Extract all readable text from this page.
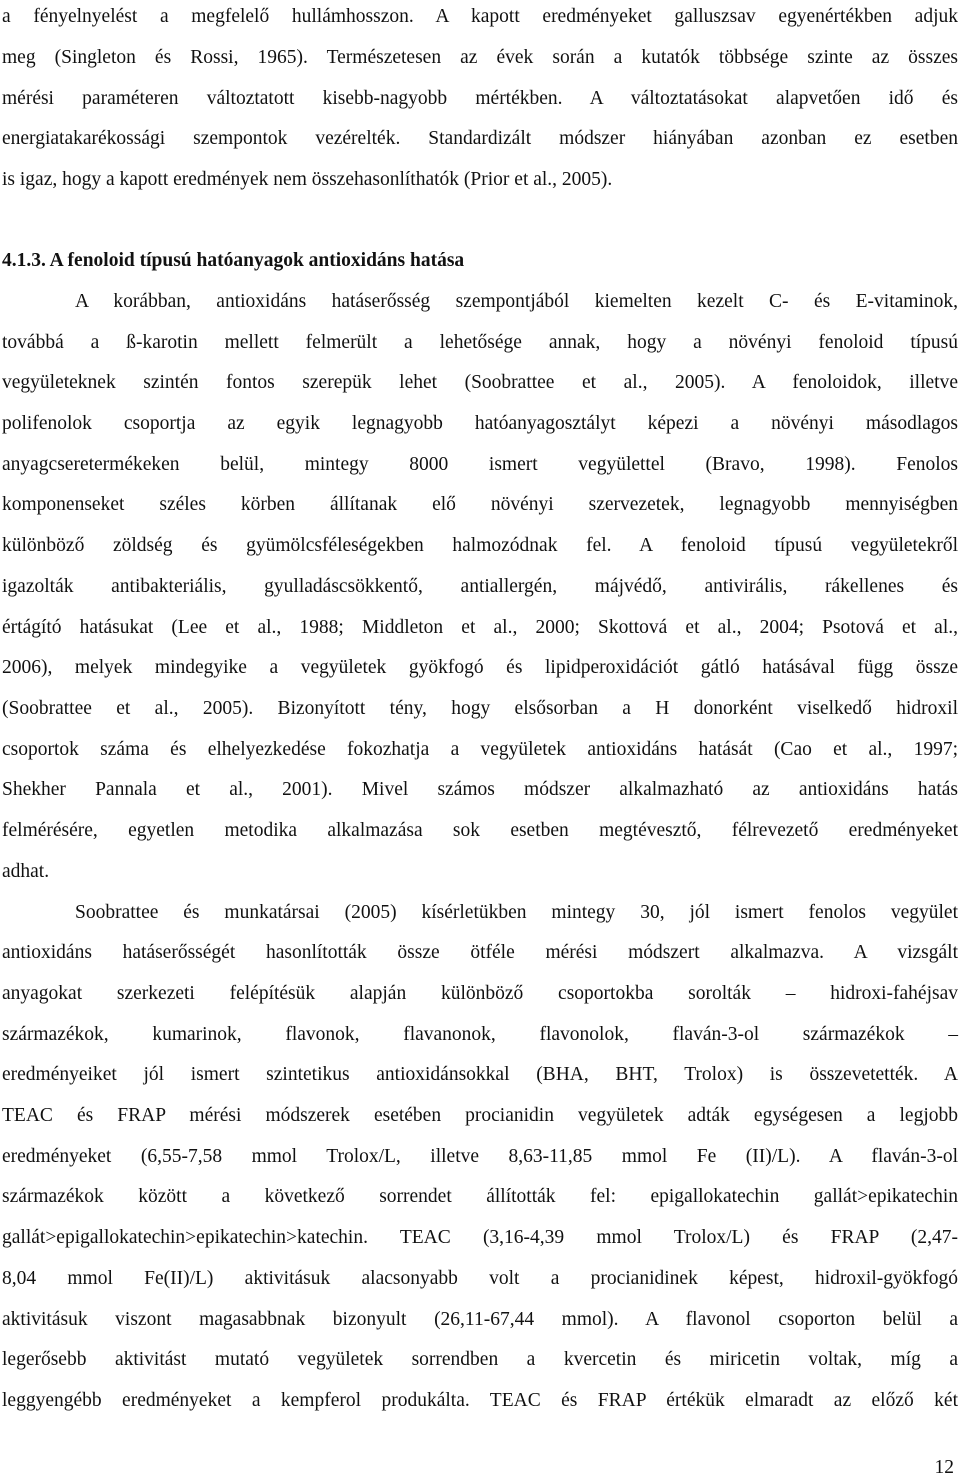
a fényelnyelést a megfelelő hullámhosszon. A kapott eredményeket galluszsav egyenértékben adjuk
meg (Singleton és Rossi, 1965). Természetesen az évek során a kutatók többsége szinte az összes
mérési paraméteren változtatott kisebb-nagyobb mértékben. A változtatásokat alapvetően idő és
energiatakarékossági szempontok vezérelték. Standardizált módszer hiányában azonban ez esetben
is igaz, hogy a kapott eredmények nem összehasonlíthatók (Prior et al., 2005).
4.1.3. A fenoloid típusú hatóanyagok antioxidáns hatása
A korábban, antioxidáns hatáserősség szempontjából kiemelten kezelt C- és E-vitaminok,
továbbá a ß-karotin mellett felmerült a lehetősége annak, hogy a növényi fenoloid típusú
vegyületeknek szintén fontos szerepük lehet (Soobrattee et al., 2005). A fenoloidok, illetve
polifenolok csoportja az egyik legnagyobb hatóanyagosztályt képezi a növényi másodlagos
anyagcseretermékeken belül, mintegy 8000 ismert vegyülettel (Bravo, 1998). Fenolos
komponenseket széles körben állítanak elő növényi szervezetek, legnagyobb mennyiségben
különböző zöldség és gyümölcsféleségekben halmozódnak fel. A fenoloid típusú vegyületekről
igazolták antibakteriális, gyulladáscsökkentő, antiallergén, májvédő, antivirális, rákellenes és
értágító hatásukat (Lee et al., 1988; Middleton et al., 2000; Skottová et al., 2004; Psotová et al.,
2006), melyek mindegyike a vegyületek gyökfogó és lipidperoxidációt gátló hatásával függ össze
(Soobrattee et al., 2005). Bizonyított tény, hogy elsősorban a H donorként viselkedő hidroxil
csoportok száma és elhelyezkedése fokozhatja a vegyületek antioxidáns hatását (Cao et al., 1997;
Shekher Pannala et al., 2001). Mivel számos módszer alkalmazható az antioxidáns hatás
felmérésére, egyetlen metodika alkalmazása sok esetben megtévesztő, félrevezető eredményeket
adhat.
Soobrattee és munkatársai (2005) kísérletükben mintegy 30, jól ismert fenolos vegyület
antioxidáns hatáserősségét hasonlították össze ötféle mérési módszert alkalmazva. A vizsgált
anyagokat szerkezeti felépítésük alapján különböző csoportokba sorolták – hidroxi-fahéjsav
származékok, kumarinok, flavonok, flavanonok, flavonolok, flaván-3-ol származékok –
eredményeiket jól ismert szintetikus antioxidánsokkal (BHA, BHT, Trolox) is összevetették. A
TEAC és FRAP mérési módszerek esetében procianidin vegyületek adták egységesen a legjobb
eredményeket (6,55-7,58 mmol Trolox/L, illetve 8,63-11,85 mmol Fe (II)/L). A flaván-3-ol
származékok között a következő sorrendet állították fel: epigallokatechin gallát>epikatechin
gallát>epigallokatechin>epikatechin>katechin. TEAC (3,16-4,39 mmol Trolox/L) és FRAP (2,47-
8,04 mmol Fe(II)/L) aktivitásuk alacsonyabb volt a procianidinek képest, hidroxil-gyökfogó
aktivitásuk viszont magasabbnak bizonyult (26,11-67,44 mmol). A flavonol csoporton belül a
legerősebb aktivitást mutató vegyületek sorrendben a kvercetin és miricetin voltak, míg a
leggyengébb eredményeket a kempferol produkálta. TEAC és FRAP értékük elmaradt az előző két
12
